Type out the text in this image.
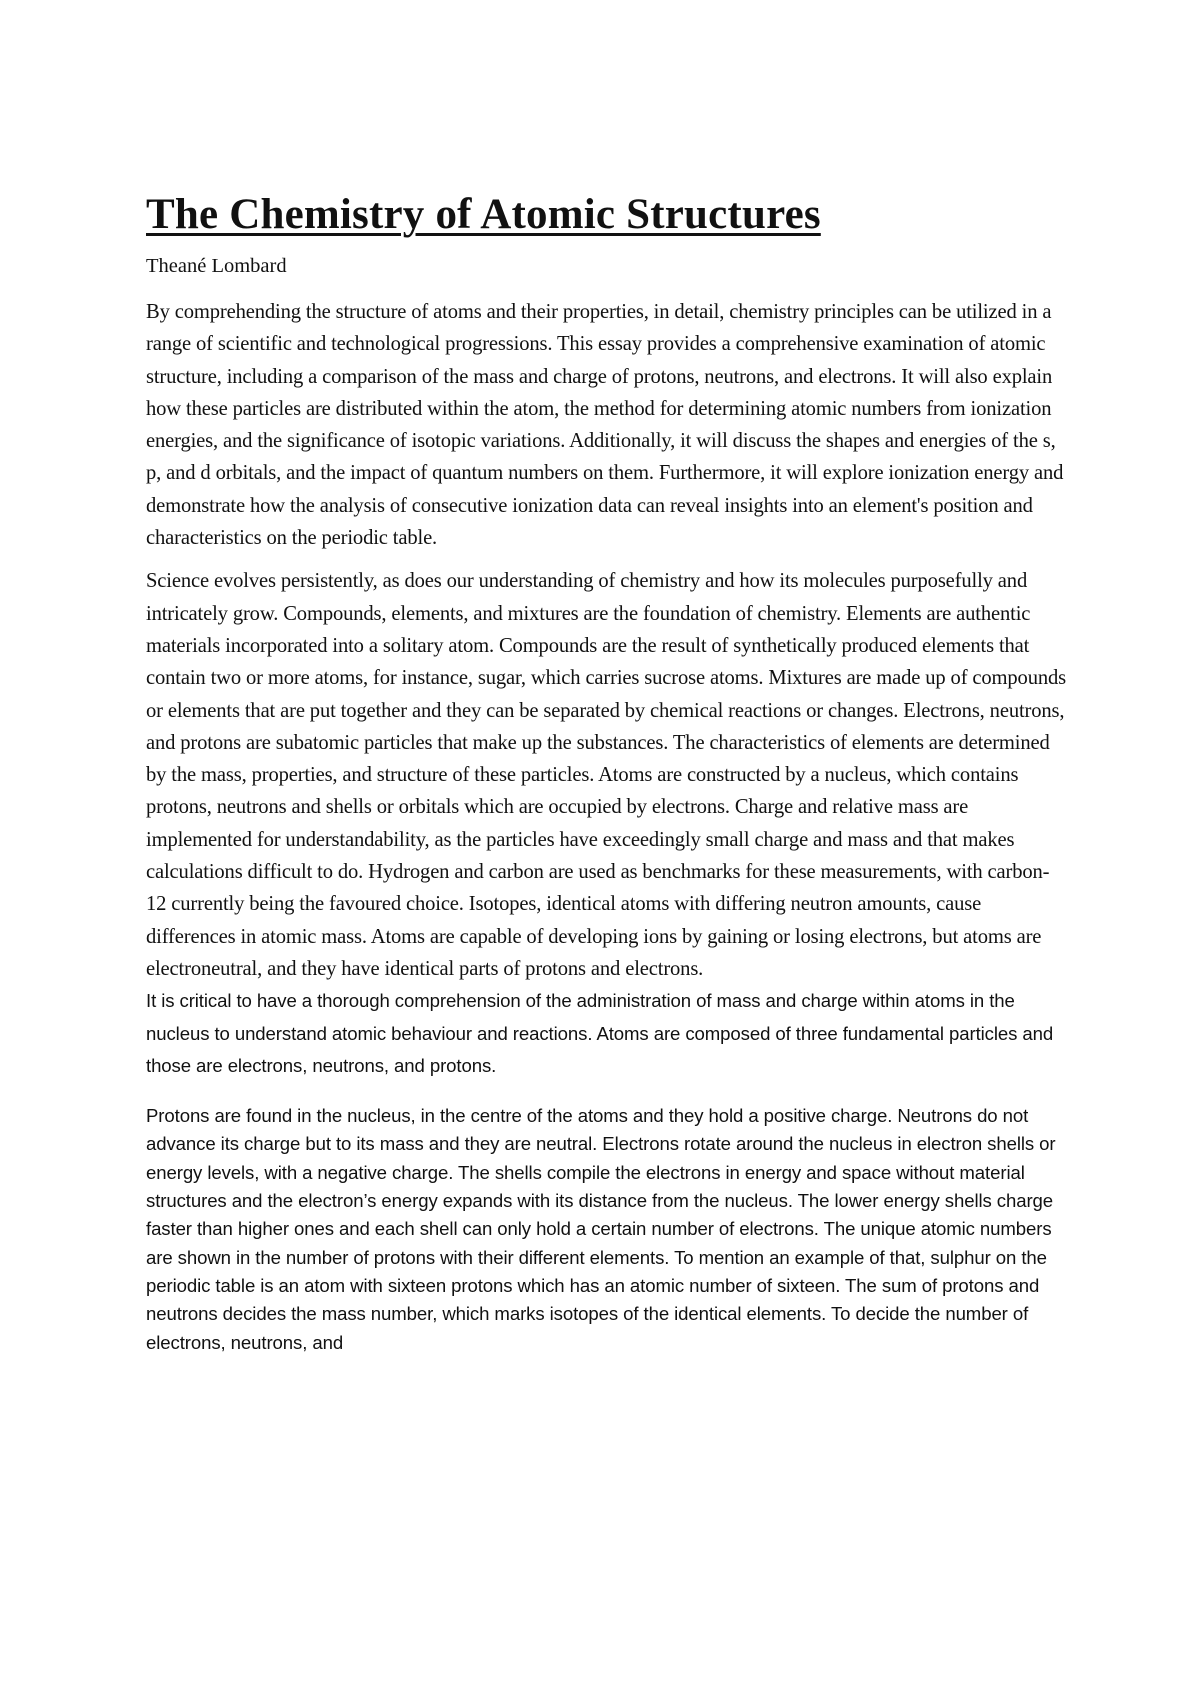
The Chemistry of Atomic Structures

Theané Lombard

By comprehending the structure of atoms and their properties, in detail, chemistry principles can be utilized in a range of scientific and technological progressions. This essay provides a comprehensive examination of atomic structure, including a comparison of the mass and charge of protons, neutrons, and electrons. It will also explain how these particles are distributed within the atom, the method for determining atomic numbers from ionization energies, and the significance of isotopic variations. Additionally, it will discuss the shapes and energies of the s, p, and d orbitals, and the impact of quantum numbers on them. Furthermore, it will explore ionization energy and demonstrate how the analysis of consecutive ionization data can reveal insights into an element's position and characteristics on the periodic table.

Science evolves persistently, as does our understanding of chemistry and how its molecules purposefully and intricately grow. Compounds, elements, and mixtures are the foundation of chemistry. Elements are authentic materials incorporated into a solitary atom. Compounds are the result of synthetically produced elements that contain two or more atoms, for instance, sugar, which carries sucrose atoms. Mixtures are made up of compounds or elements that are put together and they can be separated by chemical reactions or changes. Electrons, neutrons, and protons are subatomic particles that make up the substances. The characteristics of elements are determined by the mass, properties, and structure of these particles. Atoms are constructed by a nucleus, which contains protons, neutrons and shells or orbitals which are occupied by electrons. Charge and relative mass are implemented for understandability, as the particles have exceedingly small charge and mass and that makes calculations difficult to do. Hydrogen and carbon are used as benchmarks for these measurements, with carbon-12 currently being the favoured choice. Isotopes, identical atoms with differing neutron amounts, cause differences in atomic mass. Atoms are capable of developing ions by gaining or losing electrons, but atoms are electroneutral, and they have identical parts of protons and electrons.

It is critical to have a thorough comprehension of the administration of mass and charge within atoms in the nucleus to understand atomic behaviour and reactions. Atoms are composed of three fundamental particles and those are electrons, neutrons, and protons.

Protons are found in the nucleus, in the centre of the atoms and they hold a positive charge. Neutrons do not advance its charge but to its mass and they are neutral. Electrons rotate around the nucleus in electron shells or energy levels, with a negative charge. The shells compile the electrons in energy and space without material structures and the electron’s energy expands with its distance from the nucleus. The lower energy shells charge faster than higher ones and each shell can only hold a certain number of electrons. The unique atomic numbers are shown in the number of protons with their different elements. To mention an example of that, sulphur on the periodic table is an atom with sixteen protons which has an atomic number of sixteen. The sum of protons and neutrons decides the mass number, which marks isotopes of the identical elements. To decide the number of electrons, neutrons, and
